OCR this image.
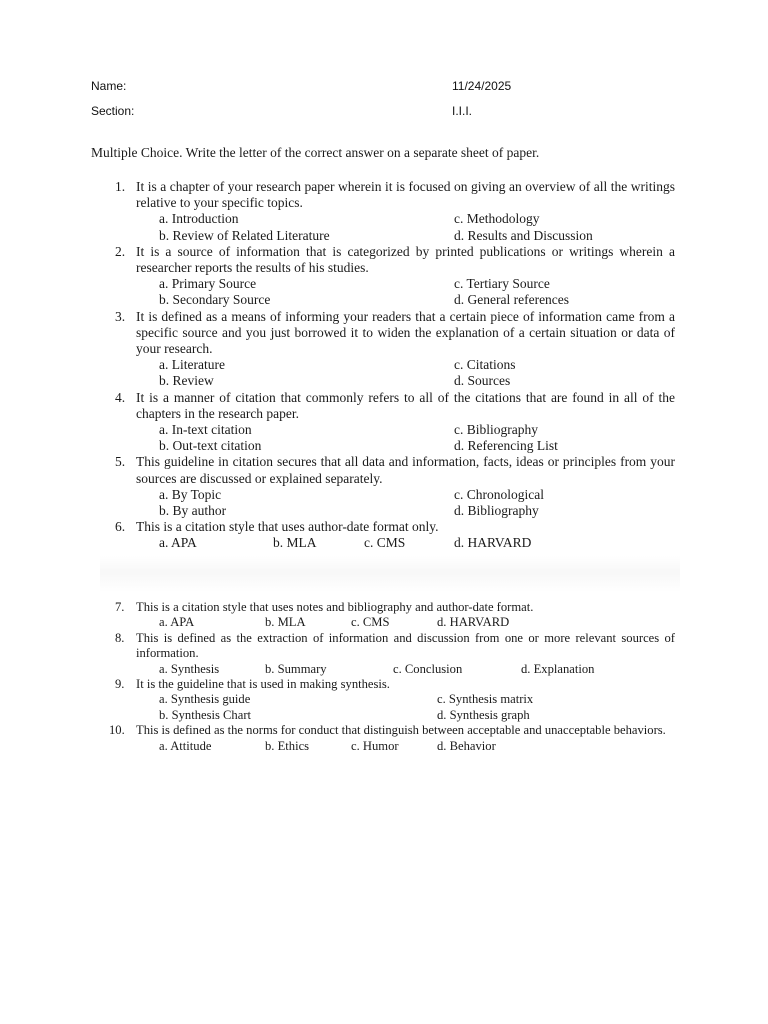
Name:	11/24/2025
Section:	I.I.I.
Multiple Choice. Write the letter of the correct answer on a separate sheet of paper.
1. It is a chapter of your research paper wherein it is focused on giving an overview of all the writings relative to your specific topics.
a. Introduction	c. Methodology
b. Review of Related Literature	d. Results and Discussion
2. It is a source of information that is categorized by printed publications or writings wherein a researcher reports the results of his studies.
a. Primary Source	c. Tertiary Source
b. Secondary Source	d. General references
3. It is defined as a means of informing your readers that a certain piece of information came from a specific source and you just borrowed it to widen the explanation of a certain situation or data of your research.
a. Literature	c. Citations
b. Review	d. Sources
4. It is a manner of citation that commonly refers to all of the citations that are found in all of the chapters in the research paper.
a. In-text citation	c. Bibliography
b. Out-text citation	d. Referencing List
5. This guideline in citation secures that all data and information, facts, ideas or principles from your sources are discussed or explained separately.
a. By Topic	c. Chronological
b. By author	d. Bibliography
6. This is a citation style that uses author-date format only.
a. APA	b. MLA	c. CMS	d. HARVARD
7. This is a citation style that uses notes and bibliography and author-date format.
a. APA	b. MLA	c. CMS	d. HARVARD
8. This is defined as the extraction of information and discussion from one or more relevant sources of information.
a. Synthesis	b. Summary	c. Conclusion	d. Explanation
9. It is the guideline that is used in making synthesis.
a. Synthesis guide	c. Synthesis matrix
b. Synthesis Chart	d. Synthesis graph
10. This is defined as the norms for conduct that distinguish between acceptable and unacceptable behaviors.
a. Attitude	b. Ethics	c. Humor	d. Behavior
